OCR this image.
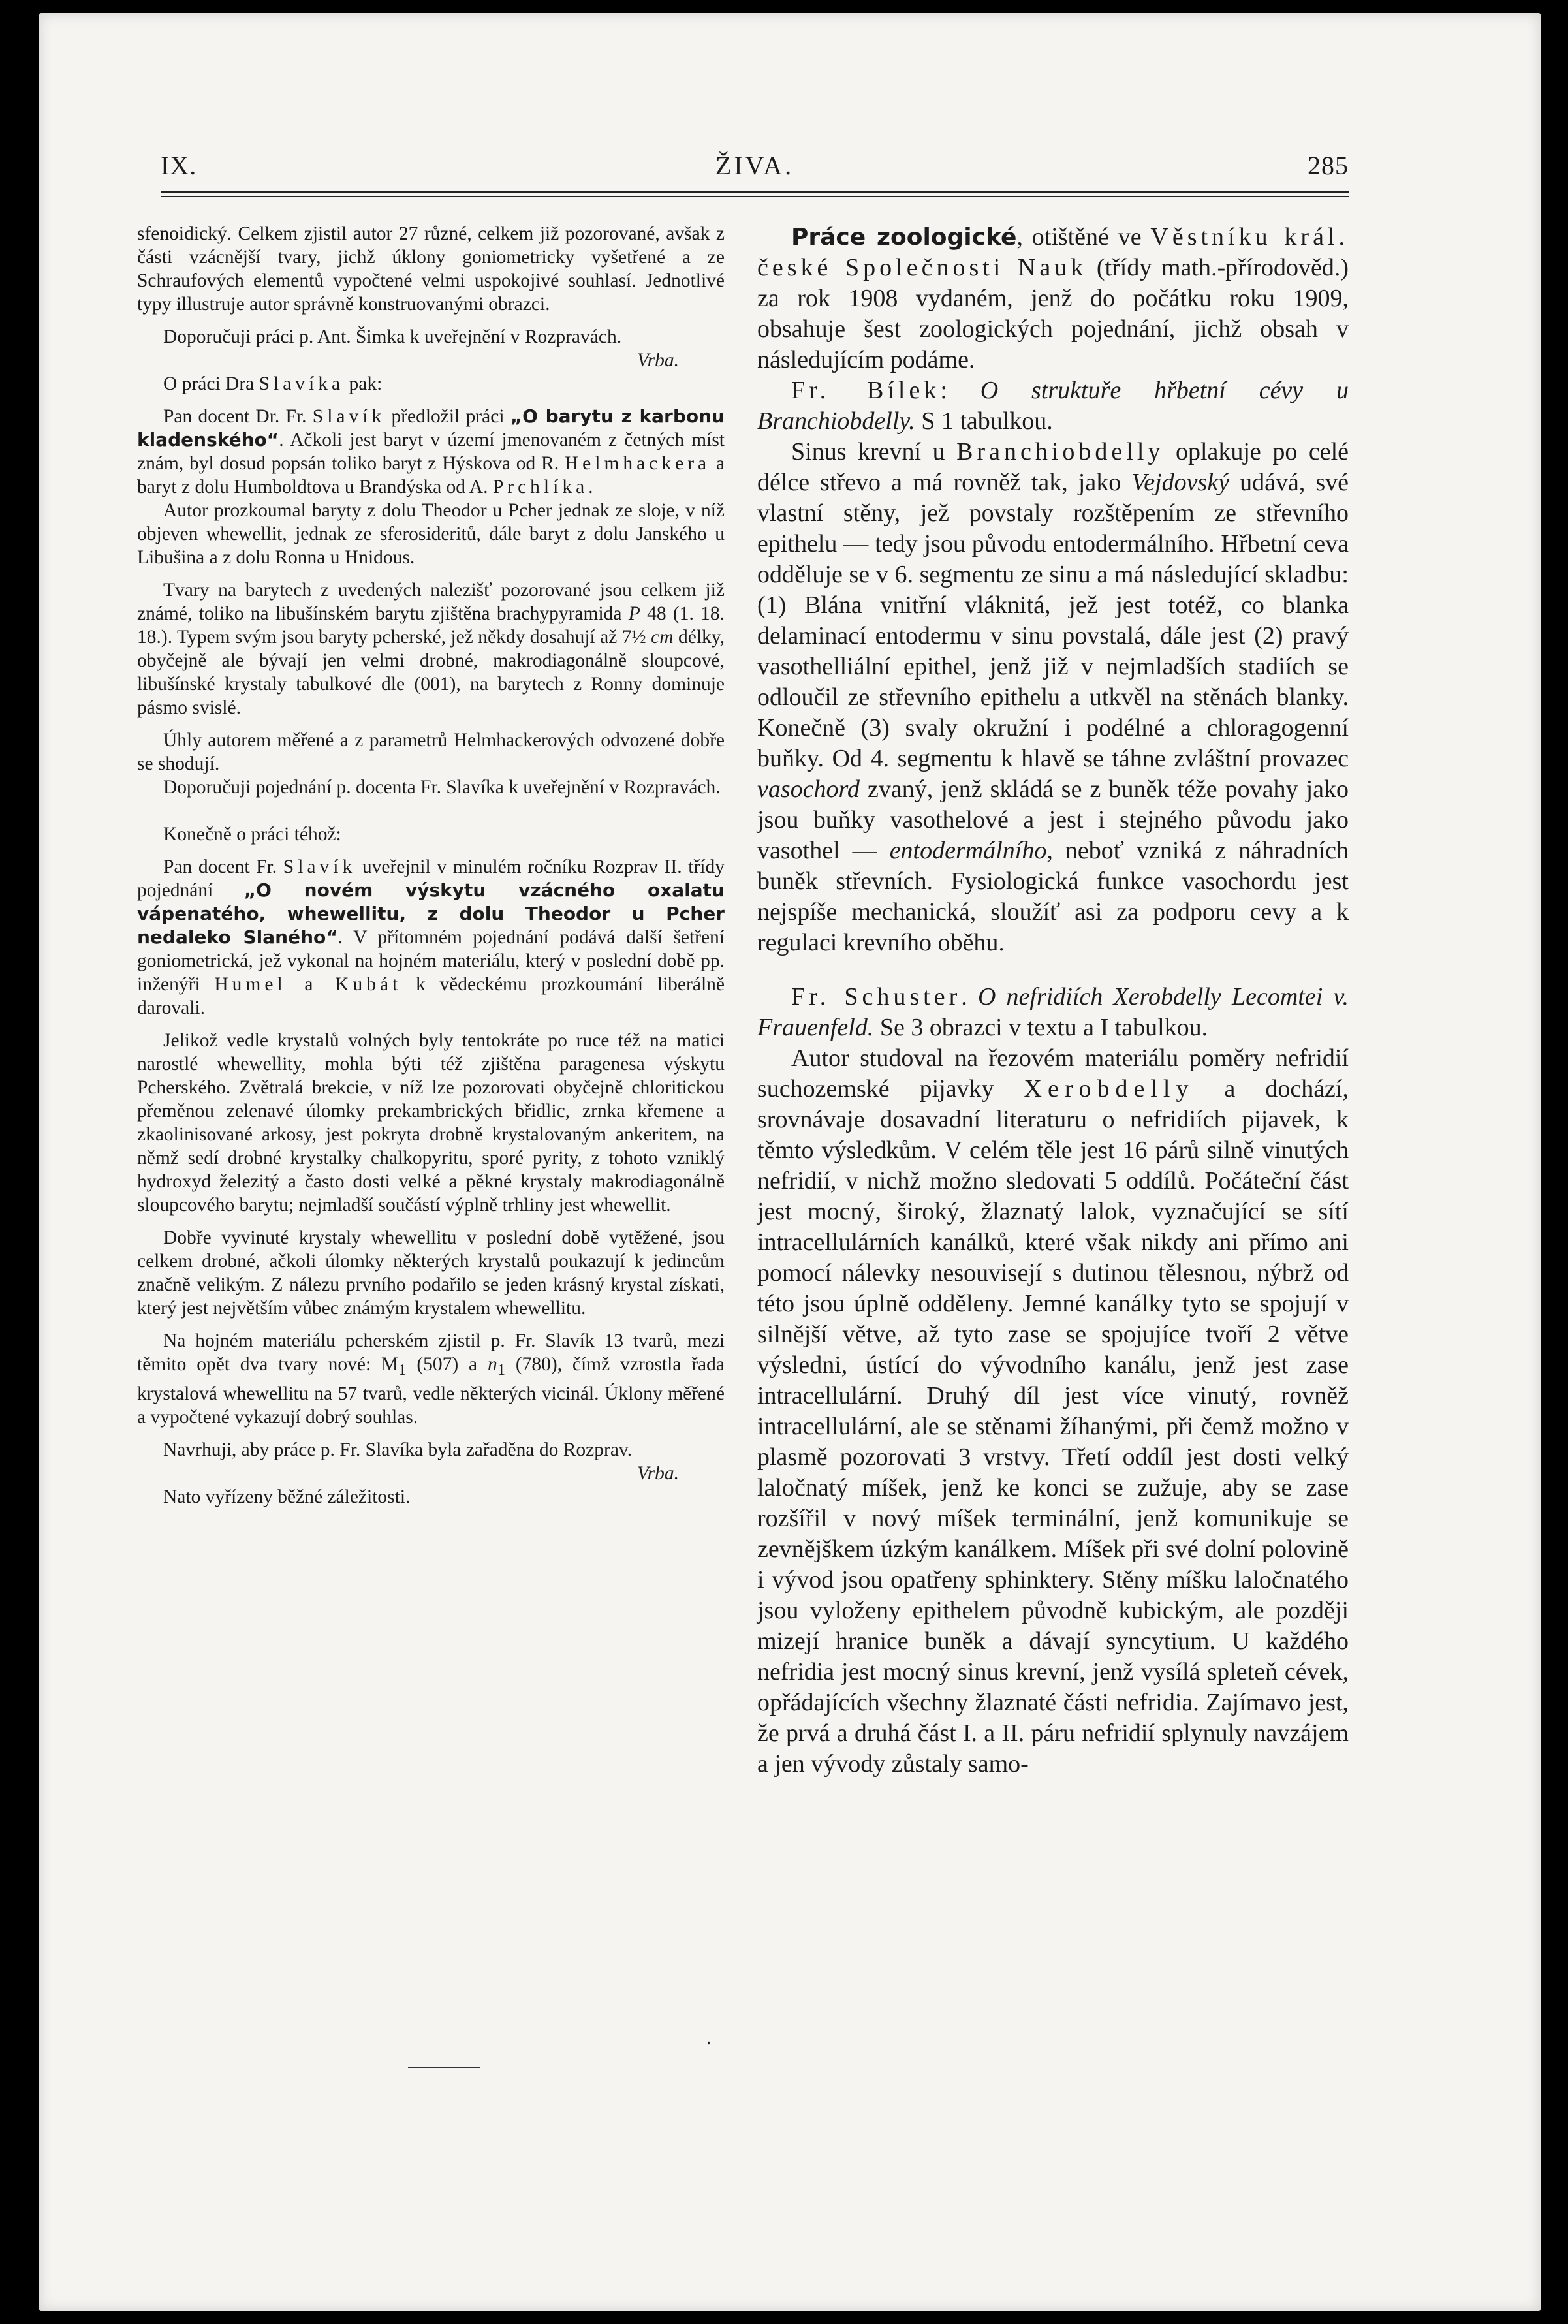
IX.	ŽIVA.	285

sfenoidický. Celkem zjistil autor 27 různé, celkem již pozorované, avšak z části vzácnější tvary, jichž úklony goniometricky vyšetřené a ze Schraufových elementů vypočtené velmi uspokojivé souhlasí. Jednotlivé typy illustruje autor správně konstruovanými obrazci.

Doporučuji práci p. Ant. Šimka k uveřejnění v Rozpravách.

Vrba.

O práci Dra Slavíka pak:

Pan docent Dr. Fr. Slavík předložil práci „O barytu z karbonu kladenského“. Ačkoli jest baryt v území jmenovaném z četných míst znám, byl dosud popsán toliko baryt z Hýskova od R. Helmhackera a baryt z dolu Humboldtova u Brandýska od A. Prchlíka.

Autor prozkoumal baryty z dolu Theodor u Pcher jednak ze sloje, v níž objeven whewellit, jednak ze sferosideritů, dále baryt z dolu Janského u Libušina a z dolu Ronna u Hnidous.

Tvary na barytech z uvedených nalezišť pozorované jsou celkem již známé, toliko na libušínském barytu zjištěna brachypyramida P 48 (1. 18. 18.). Typem svým jsou baryty pcherské, jež někdy dosahují až 7½ cm délky, obyčejně ale bývají jen velmi drobné, makrodiagonálně sloupcové, libušínské krystaly tabulkové dle (001), na barytech z Ronny dominuje pásmo svislé.

Úhly autorem měřené a z parametrů Helmhackerových odvozené dobře se shodují.

Doporučuji pojednání p. docenta Fr. Slavíka k uveřejnění v Rozpravách.

Konečně o práci téhož:

Pan docent Fr. Slavík uveřejnil v minulém ročníku Rozprav II. třídy pojednání „O novém výskytu vzácného oxalatu vápenatého, whewellitu, z dolu Theodor u Pcher nedaleko Slaného“. V přítomném pojednání podává další šetření goniometrická, jež vykonal na hojném materiálu, který v poslední době pp. inženýři Humel a Kubát k vědeckému prozkoumání liberálně darovali.

Jelikož vedle krystalů volných byly tentokráte po ruce též na matici narostlé whewellity, mohla býti též zjištěna paragenesa výskytu Pcherského. Zvětralá brekcie, v níž lze pozorovati obyčejně chloritickou přeměnou zelenavé úlomky prekambrických břidlic, zrnka křemene a zkaolinisované arkosy, jest pokryta drobně krystalovaným ankeritem, na němž sedí drobné krystalky chalkopyritu, sporé pyrity, z tohoto vzniklý hydroxyd železitý a často dosti velké a pěkné krystaly makrodiagonálně sloupcového barytu; nejmladší součástí výplně trhliny jest whewellit.

Dobře vyvinuté krystaly whewellitu v poslední době vytěžené, jsou celkem drobné, ačkoli úlomky některých krystalů poukazují k jedincům značně velikým. Z nálezu prvního podařilo se jeden krásný krystal získati, který jest největším vůbec známým krystalem whewellitu.

Na hojném materiálu pcherském zjistil p. Fr. Slavík 13 tvarů, mezi těmito opět dva tvary nové: $M_1$ (507) a $n_1$ (780), čímž vzrostla řada krystalová whewellitu na 57 tvarů, vedle některých vicinál. Úklony měřené a vypočtené vykazují dobrý souhlas.

Navrhuji, aby práce p. Fr. Slavíka byla zařaděna do Rozprav.

Vrba.

Nato vyřízeny běžné záležitosti.

.

Práce zoologické, otištěné ve Věstníku král. české Společnosti Nauk (třídy math.-přírodověd.) za rok 1908 vydaném, jenž do počátku roku 1909, obsahuje šest zoologických pojednání, jichž obsah v následujícím podáme.

Fr. Bílek: O struktuře hřbetní cévy u Branchiobdelly. S 1 tabulkou.

Sinus krevní u Branchiobdelly oplakuje po celé délce střevo a má rovněž tak, jako Vejdovský udává, své vlastní stěny, jež povstaly rozštěpením ze střevního epithelu — tedy jsou původu entodermálního. Hřbetní ceva odděluje se v 6. segmentu ze sinu a má následující skladbu: (1) Blána vnitřní vláknitá, jež jest totéž, co blanka delaminací entodermu v sinu povstalá, dále jest (2) pravý vasothelliální epithel, jenž již v nejmladších stadiích se odloučil ze střevního epithelu a utkvěl na stěnách blanky. Konečně (3) svaly okružní i podélné a chloragogenní buňky. Od 4. segmentu k hlavě se táhne zvláštní provazec vasochord zvaný, jenž skládá se z buněk téže povahy jako jsou buňky vasothelové a jest i stejného původu jako vasothel — entodermálního, neboť vzniká z náhradních buněk střevních. Fysiologická funkce vasochordu jest nejspíše mechanická, sloužíť asi za podporu cevy a k regulaci krevního oběhu.

Fr. Schuster. O nefridiích Xerobdelly Lecomtei v. Frauenfeld. Se 3 obrazci v textu a I tabulkou.

Autor studoval na řezovém materiálu poměry nefridií suchozemské pijavky Xerobdelly a dochází, srovnávaje dosavadní literaturu o nefridiích pijavek, k těmto výsledkům. V celém těle jest 16 párů silně vinutých nefridií, v nichž možno sledovati 5 oddílů. Počáteční část jest mocný, široký, žlaznatý lalok, vyznačující se sítí intracellulárních kanálků, které však nikdy ani přímo ani pomocí nálevky nesouvisejí s dutinou tělesnou, nýbrž od této jsou úplně odděleny. Jemné kanálky tyto se spojují v silnější větve, až tyto zase se spojujíce tvoří 2 větve výsledni, ústící do vývodního kanálu, jenž jest zase intracellulární. Druhý díl jest více vinutý, rovněž intracellulární, ale se stěnami žíhanými, při čemž možno v plasmě pozorovati 3 vrstvy. Třetí oddíl jest dosti velký laločnatý míšek, jenž ke konci se zužuje, aby se zase rozšířil v nový míšek terminální, jenž komunikuje se zevnějškem úzkým kanálkem. Míšek při své dolní polovině i vývod jsou opatřeny sphinktery. Stěny míšku laločnatého jsou vyloženy epithelem původně kubickým, ale později mizejí hranice buněk a dávají syncytium. U každého nefridia jest mocný sinus krevní, jenž vysílá spleteň cévek, opřádajících všechny žlaznaté části nefridia. Zajímavo jest, že prvá a druhá část I. a II. páru nefridií splynuly navzájem a jen vývody zůstaly samo-
